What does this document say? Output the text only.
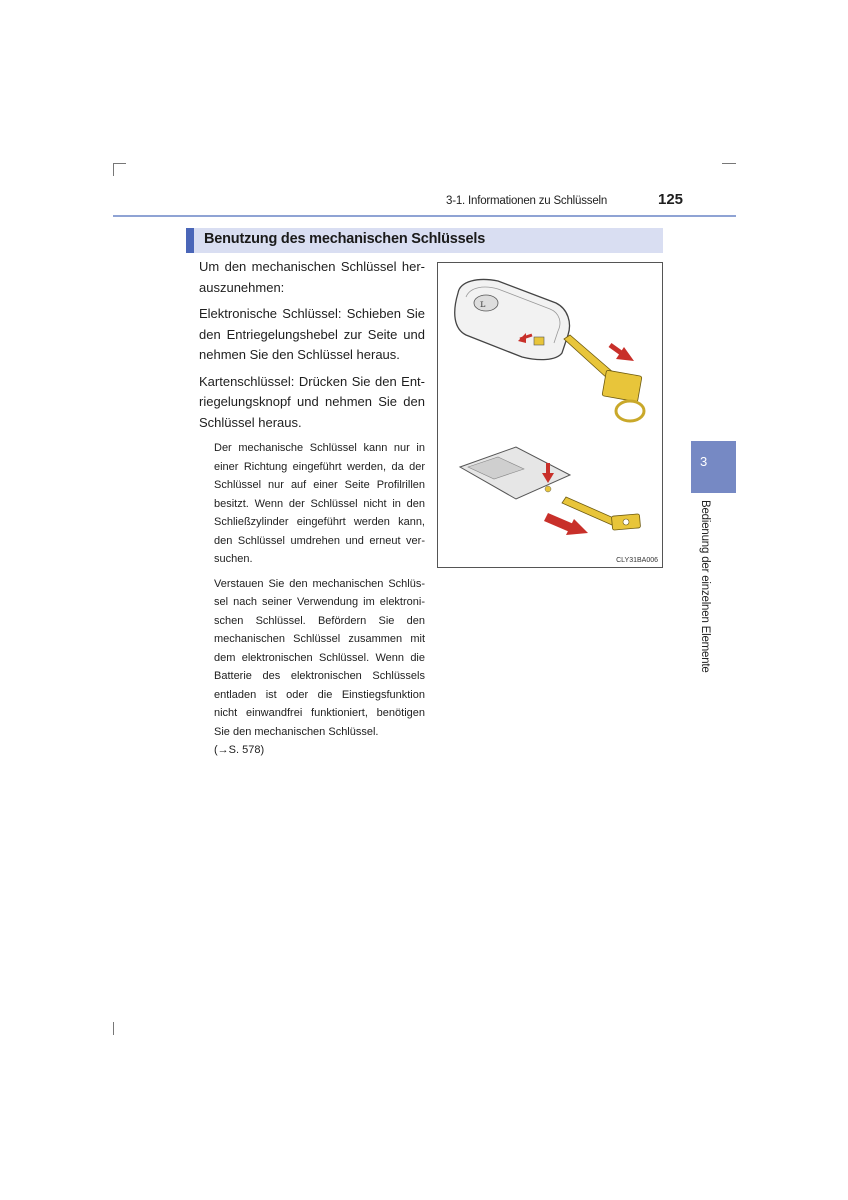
3-1. Informationen zu Schlüsseln	125
Benutzung des mechanischen Schlüssels

Um den mechanischen Schlüssel her-auszunehmen:

Elektronische Schlüssel: Schieben Sie den Entriegelungshebel zur Seite und nehmen Sie den Schlüssel heraus.

Kartenschlüssel: Drücken Sie den Ent-riegelungsknopf und nehmen Sie den Schlüssel heraus.

Der mechanische Schlüssel kann nur in einer Richtung eingeführt werden, da der Schlüssel nur auf einer Seite Profilrillen besitzt. Wenn der Schlüssel nicht in den Schließzylinder eingeführt werden kann, den Schlüssel umdrehen und erneut ver-suchen.

Verstauen Sie den mechanischen Schlüs-sel nach seiner Verwendung im elektroni-schen Schlüssel. Befördern Sie den mechanischen Schlüssel zusammen mit dem elektronischen Schlüssel. Wenn die Batterie des elektronischen Schlüssels entladen ist oder die Einstiegsfunktion nicht einwandfrei funktioniert, benötigen Sie den mechanischen Schlüssel.

(→S. 578)

ʟ
CLY31BA006
3
Bedienung der einzelnen Elemente
